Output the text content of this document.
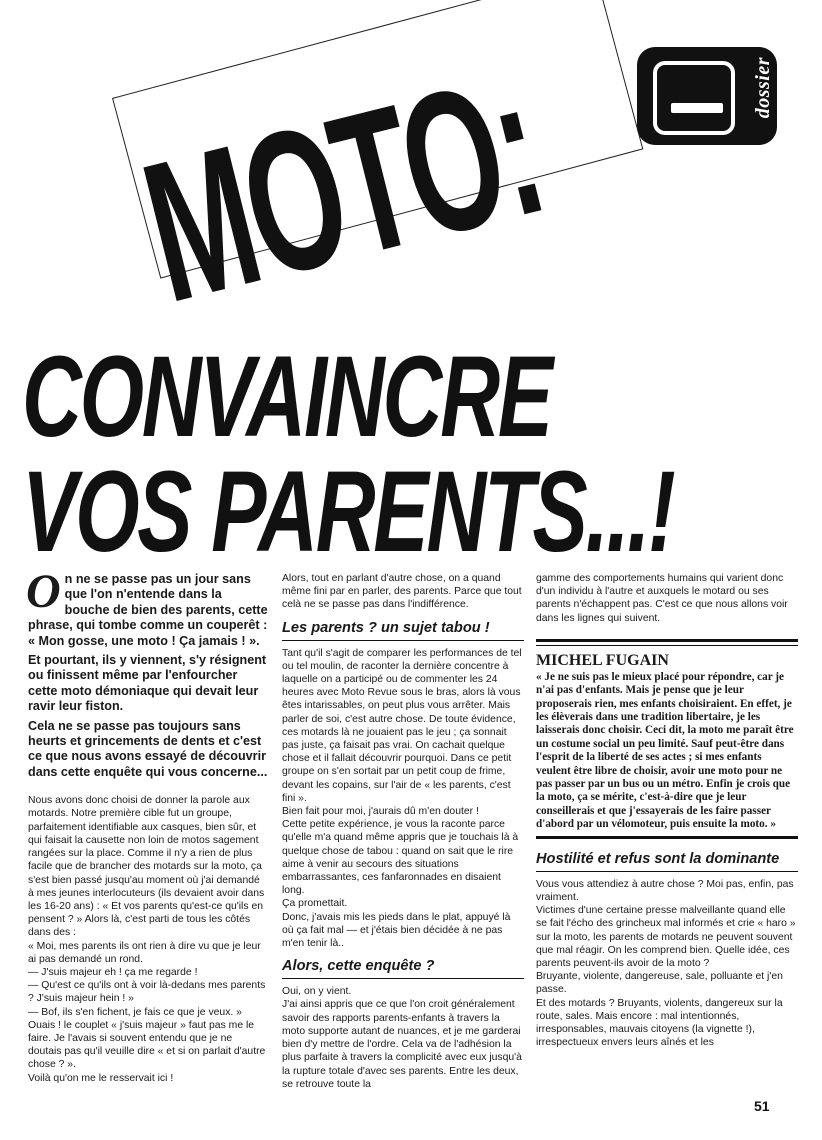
dossier
MOTO:
CONVAINCRE
VOS PARENTS...!

On ne se passe pas un jour sans que l'on n'entende dans la bouche de bien des parents, cette phrase, qui tombe comme un couperêt : « Mon gosse, une moto ! Ça jamais ! ».

Et pourtant, ils y viennent, s'y résignent ou finissent même par l'enfourcher cette moto démoniaque qui devait leur ravir leur fiston.

Cela ne se passe pas toujours sans heurts et grincements de dents et c'est ce que nous avons essayé de découvrir dans cette enquête qui vous concerne...

Nous avons donc choisi de donner la parole aux motards. Notre première cible fut un groupe, parfaitement identifiable aux casques, bien sûr, et qui faisait la causette non loin de motos sagement rangées sur la place. Comme il n'y a rien de plus facile que de brancher des motards sur la moto, ça s'est bien passé jusqu'au moment où j'ai demandé à mes jeunes interlocuteurs (ils devaient avoir dans les 16-20 ans) : « Et vos parents qu'est-ce qu'ils en pensent ? » Alors là, c'est parti de tous les côtés dans des :

« Moi, mes parents ils ont rien à dire vu que je leur ai pas demandé un rond.

— J'suis majeur eh ! ça me regarde !

— Qu'est ce qu'ils ont à voir là-dedans mes parents ? J'suis majeur hein ! »

— Bof, ils s'en fichent, je fais ce que je veux. »

Ouais ! le couplet « j'suis majeur » faut pas me le faire. Je l'avais si souvent entendu que je ne doutais pas qu'il veuille dire « et si on parlait d'autre chose ? ».

Voilà qu'on me le resservait ici !

Alors, tout en parlant d'autre chose, on a quand même fini par en parler, des parents. Parce que tout celà ne se passe pas dans l'indifférence.

Les parents ? un sujet tabou !

Tant qu'il s'agit de comparer les performances de tel ou tel moulin, de raconter la dernière concentre à laquelle on a participé ou de commenter les 24 heures avec Moto Revue sous le bras, alors là vous êtes intarissables, on peut plus vous arrêter. Mais parler de soi, c'est autre chose. De toute évidence, ces motards là ne jouaient pas le jeu ; ça sonnait pas juste, ça faisait pas vrai. On cachait quelque chose et il fallait découvrir pourquoi. Dans ce petit groupe on s'en sortait par un petit coup de frime, devant les copains, sur l'air de « les parents, c'est fini ».

Bien fait pour moi, j'aurais dû m'en douter !

Cette petite expérience, je vous la raconte parce qu'elle m'a quand même appris que je touchais là à quelque chose de tabou : quand on sait que le rire aime à venir au secours des situations embarrassantes, ces fanfaronnades en disaient long.

Ça promettait.

Donc, j'avais mis les pieds dans le plat, appuyé là où ça fait mal — et j'étais bien décidée à ne pas m'en tenir là..

Alors, cette enquête ?

Oui, on y vient.

J'ai ainsi appris que ce que l'on croit généralement savoir des rapports parents-enfants à travers la moto supporte autant de nuances, et je me garderai bien d'y mettre de l'ordre. Cela va de l'adhésion la plus parfaite à travers la complicité avec eux jusqu'à la rupture totale d'avec ses parents. Entre les deux, se retrouve toute la

gamme des comportements humains qui varient donc d'un individu à l'autre et auxquels le motard ou ses parents n'échappent pas. C'est ce que nous allons voir dans les lignes qui suivent.

MICHEL FUGAIN
« Je ne suis pas le mieux placé pour répondre, car je n'ai pas d'enfants. Mais je pense que je leur proposerais rien, mes enfants choisiraient. En effet, je les élèverais dans une tradition libertaire, je les laisserais donc choisir. Ceci dit, la moto me paraît être un costume social un peu limité. Sauf peut-être dans l'esprit de la liberté de ses actes ; si mes enfants veulent être libre de choisir, avoir une moto pour ne pas passer par un bus ou un métro. Enfin je crois que la moto, ça se mérite, c'est-à-dire que je leur conseillerais et que j'essayerais de les faire passer d'abord par un vélomoteur, puis ensuite la moto. »
Hostilité et refus sont la dominante

Vous vous attendiez à autre chose ? Moi pas, enfin, pas vraiment.

Victimes d'une certaine presse malveillante quand elle se fait l'écho des grincheux mal informés et crie « haro » sur la moto, les parents de motards ne peuvent souvent que mal réagir. On les comprend bien. Quelle idée, ces parents peuvent-ils avoir de la moto ?

Bruyante, violente, dangereuse, sale, polluante et j'en passe.

Et des motards ? Bruyants, violents, dangereux sur la route, sales. Mais encore : mal intentionnés, irresponsables, mauvais citoyens (la vignette !), irrespectueux envers leurs aînés et les

51
